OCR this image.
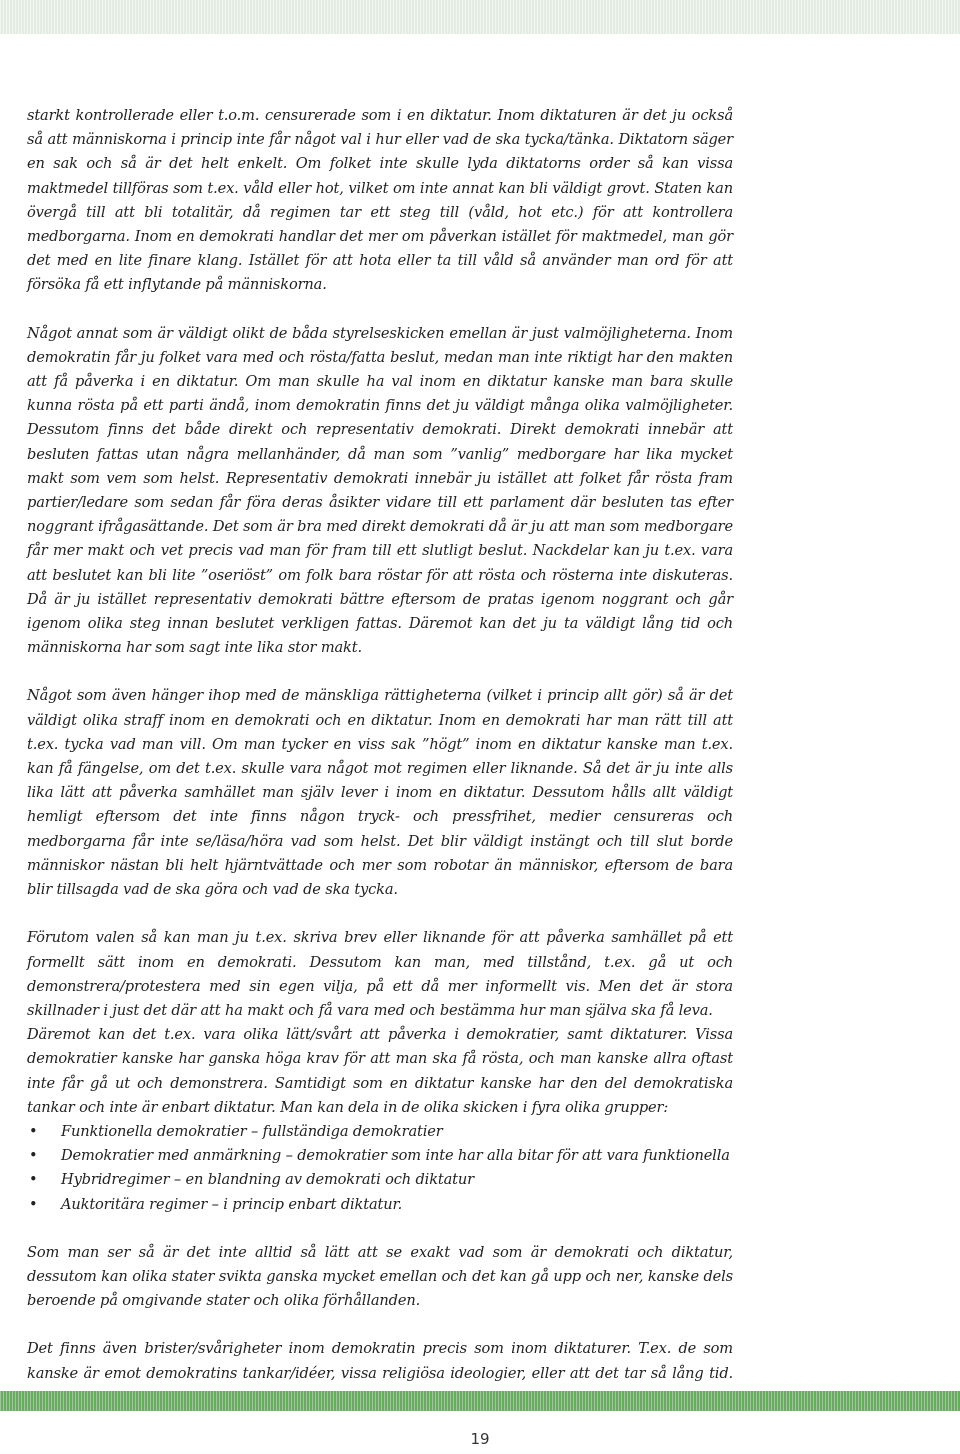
starkt kontrollerade eller t.o.m. censurerade som i en diktatur. Inom diktaturen är det ju också så att människorna i princip inte får något val i hur eller vad de ska tycka/tänka. Diktatorn säger en sak och så är det helt enkelt. Om folket inte skulle lyda diktatorns order så kan vissa maktmedel tillföras som t.ex. våld eller hot, vilket om inte annat kan bli väldigt grovt. Staten kan övergå till att bli totalitär, då regimen tar ett steg till (våld, hot etc.) för att kontrollera medborgarna. Inom en demokrati handlar det mer om påverkan istället för maktmedel, man gör det med en lite finare klang. Istället för att hota eller ta till våld så använder man ord för att försöka få ett inflytande på människorna.

Något annat som är väldigt olikt de båda styrelseskicken emellan är just valmöjligheterna. Inom demokratin får ju folket vara med och rösta/fatta beslut, medan man inte riktigt har den makten att få påverka i en diktatur. Om man skulle ha val inom en diktatur kanske man bara skulle kunna rösta på ett parti ändå, inom demokratin finns det ju väldigt många olika valmöjligheter. Dessutom finns det både direkt och representativ demokrati. Direkt demokrati innebär att besluten fattas utan några mellanhänder, då man som ”vanlig” medborgare har lika mycket makt som vem som helst. Representativ demokrati innebär ju istället att folket får rösta fram partier/ledare som sedan får föra deras åsikter vidare till ett parlament där besluten tas efter noggrant ifrågasättande. Det som är bra med direkt demokrati då är ju att man som medborgare får mer makt och vet precis vad man för fram till ett slutligt beslut. Nackdelar kan ju t.ex. vara att beslutet kan bli lite ”oseriöst” om folk bara röstar för att rösta och rösterna inte diskuteras. Då är ju istället representativ demokrati bättre eftersom de pratas igenom noggrant och går igenom olika steg innan beslutet verkligen fattas. Däremot kan det ju ta väldigt lång tid och människorna har som sagt inte lika stor makt.

Något som även hänger ihop med de mänskliga rättigheterna (vilket i princip allt gör) så är det väldigt olika straff inom en demokrati och en diktatur. Inom en demokrati har man rätt till att t.ex. tycka vad man vill. Om man tycker en viss sak ”högt” inom en diktatur kanske man t.ex. kan få fängelse, om det t.ex. skulle vara något mot regimen eller liknande. Så det är ju inte alls lika lätt att påverka samhället man själv lever i inom en diktatur. Dessutom hålls allt väldigt hemligt eftersom det inte finns någon tryck- och pressfrihet, medier censureras och medborgarna får inte se/läsa/höra vad som helst. Det blir väldigt instängt och till slut borde människor nästan bli helt hjärntvättade och mer som robotar än människor, eftersom de bara blir tillsagda vad de ska göra och vad de ska tycka.

Förutom valen så kan man ju t.ex. skriva brev eller liknande för att påverka samhället på ett formellt sätt inom en demokrati. Dessutom kan man, med tillstånd, t.ex. gå ut och demonstrera/protestera med sin egen vilja, på ett då mer informellt vis. Men det är stora skillnader i just det där att ha makt och få vara med och bestämma hur man själva ska få leva.

Däremot kan det t.ex. vara olika lätt/svårt att påverka i demokratier, samt diktaturer. Vissa demokratier kanske har ganska höga krav för att man ska få rösta, och man kanske allra oftast inte får gå ut och demonstrera. Samtidigt som en diktatur kanske har den del demokratiska tankar och inte är enbart diktatur. Man kan dela in de olika skicken i fyra olika grupper:

• Funktionella demokratier – fullständiga demokratier
• Demokratier med anmärkning – demokratier som inte har alla bitar för att vara funktionella
• Hybridregimer – en blandning av demokrati och diktatur
• Auktoritära regimer – i princip enbart diktatur.

Som man ser så är det inte alltid så lätt att se exakt vad som är demokrati och diktatur, dessutom kan olika stater svikta ganska mycket emellan och det kan gå upp och ner, kanske dels beroende på omgivande stater och olika förhållanden.

Det finns även brister/svårigheter inom demokratin precis som inom diktaturer. T.ex. de som kanske är emot demokratins tankar/idéer, vissa religiösa ideologier, eller att det tar så lång tid.

19
